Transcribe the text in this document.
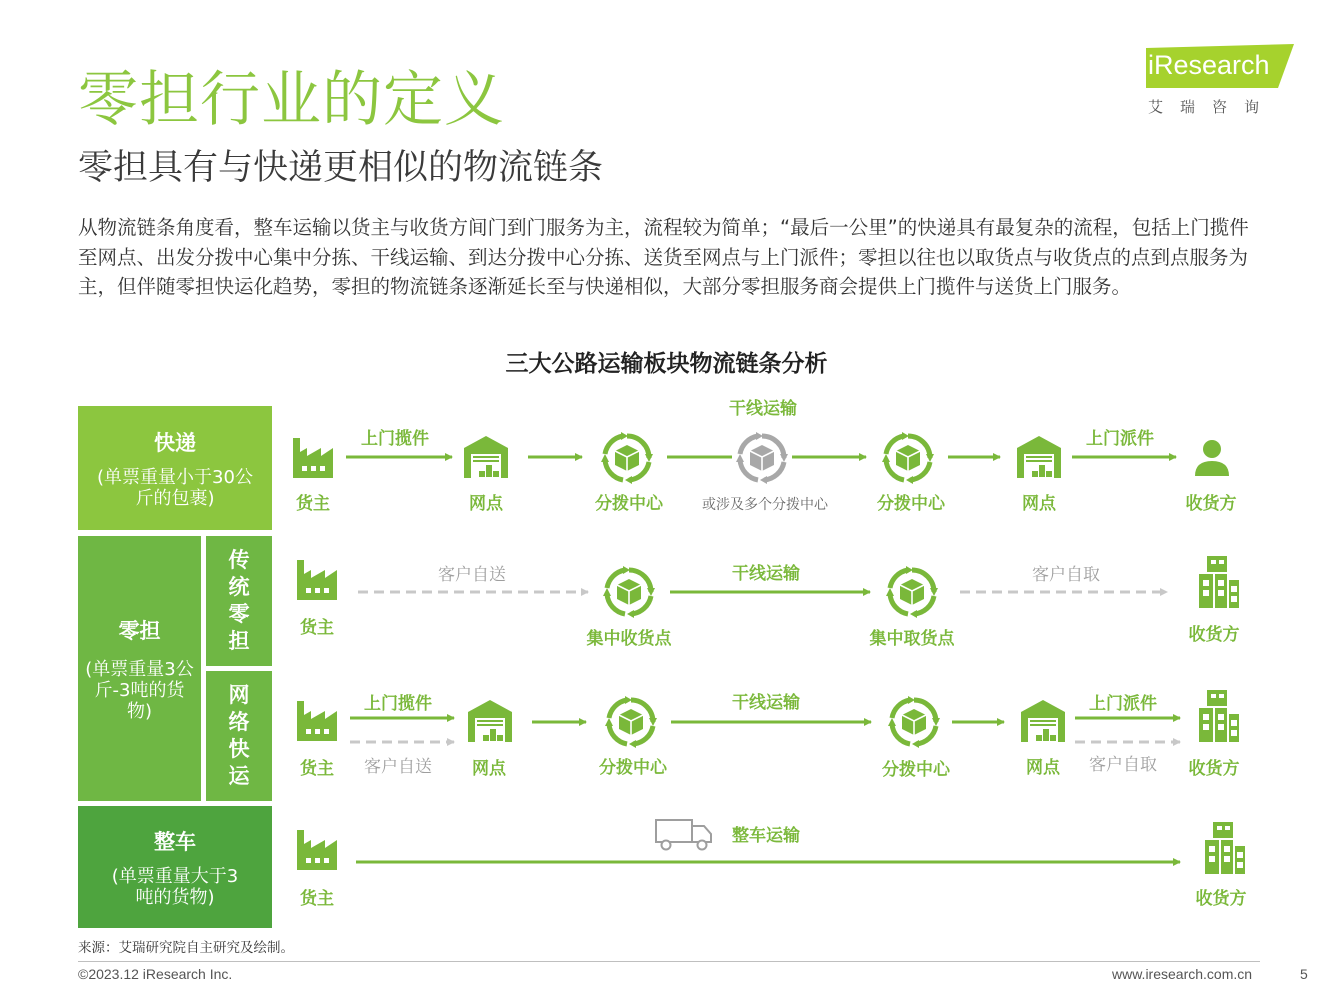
零担行业的定义
零担具有与快递更相似的物流链条
iResearch
艾瑞咨询
从物流链条角度看，整车运输以货主与收货方间门到门服务为主，流程较为简单；“最后一公里”的快递具有最复杂的流程，包括上门揽件至网点、出发分拨中心集中分拣、干线运输、到达分拨中心分拣、送货至网点与上门派件；零担以往也以取货点与收货点的点到点服务为主，但伴随零担快运化趋势，零担的物流链条逐渐延长至与快递相似，大部分零担服务商会提供上门揽件与送货上门服务。
三大公路运输板块物流链条分析
快递
(单票重量小于30公斤的包裹)
零担
(单票重量3公斤-3吨的货物)
传统零担
网络快运
整车
(单票重量大于3吨的货物)
货主
上门揽件
网点	分拨中心
干线运输
或涉及多个分拨中心	分拨中心	网点
上门派件
收货方
货主
客户自送
集中收货点
干线运输
集中取货点
客户自取
收货方
货主
上门揽件
客户自送 网点	分拨中心
干线运输
分拨中心	网点
上门派件
客户自取 收货方
货主
整车运输
收货方
来源：艾瑞研究院自主研究及绘制。
©2023.12 iResearch Inc.	www.iresearch.com.cn	5
